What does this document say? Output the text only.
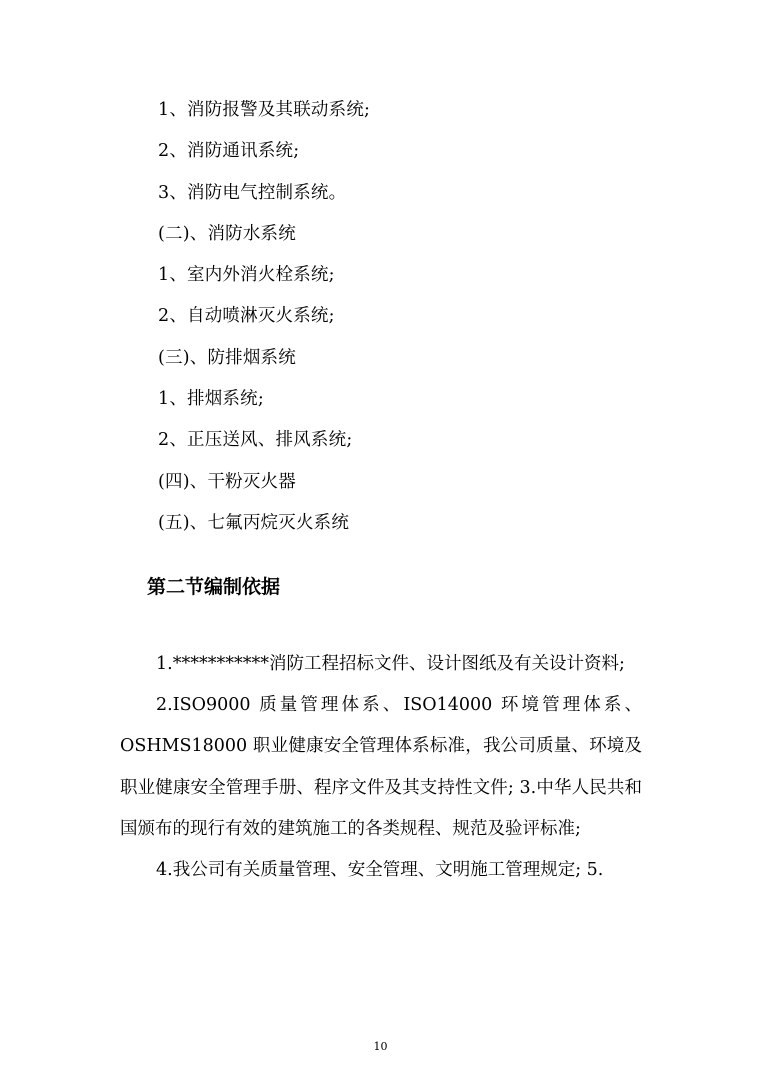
1、消防报警及其联动系统;
2、消防通讯系统;
3、消防电气控制系统。
(二)、消防水系统
1、室内外消火栓系统;
2、自动喷淋灭火系统;
(三)、防排烟系统
1、排烟系统;
2、正压送风、排风系统;
(四)、干粉灭火器
(五)、七氟丙烷灭火系统
第二节编制依据

1.***********消防工程招标文件、设计图纸及有关设计资料;

2.ISO9000 质量管理体系、ISO14000 环境管理体系、OSHMS18000 职业健康安全管理体系标准，我公司质量、环境及职业健康安全管理手册、程序文件及其支持性文件; 3.中华人民共和国颁布的现行有效的建筑施工的各类规程、规范及验评标准;

4.我公司有关质量管理、安全管理、文明施工管理规定; 5.

10
